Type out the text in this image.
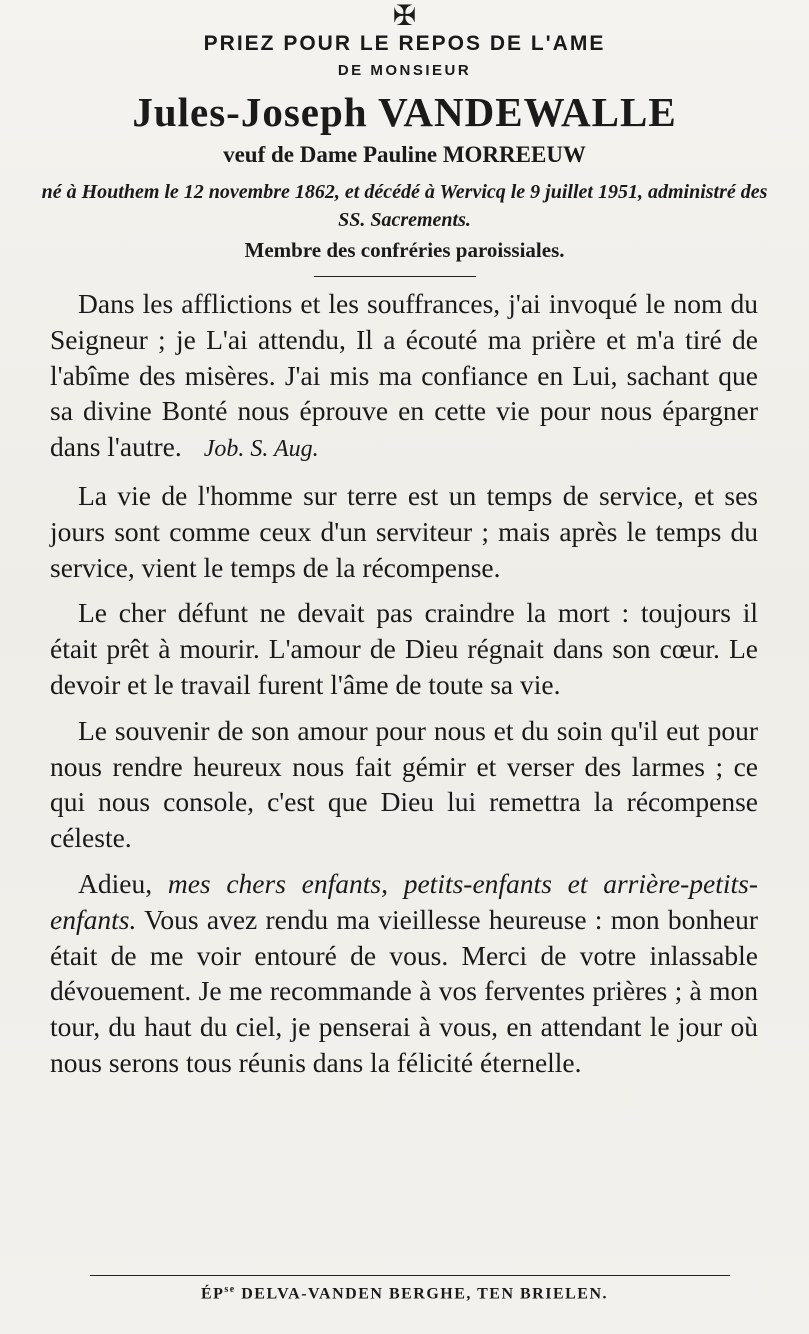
✠
PRIEZ POUR LE REPOS DE L'AME
DE MONSIEUR
Jules-Joseph VANDEWALLE
veuf de Dame Pauline MORREEUW
né à Houthem le 12 novembre 1862, et décédé à Wervicq le 9 juillet 1951, administré des SS. Sacrements.
Membre des confréries paroissiales.

Dans les afflictions et les souffrances, j'ai invoqué le nom du Seigneur ; je L'ai attendu, Il a écouté ma prière et m'a tiré de l'abîme des misères. J'ai mis ma confiance en Lui, sachant que sa divine Bonté nous éprouve en cette vie pour nous épargner dans l'autre. Job. S. Aug.

La vie de l'homme sur terre est un temps de service, et ses jours sont comme ceux d'un serviteur ; mais après le temps du service, vient le temps de la récompense.

Le cher défunt ne devait pas craindre la mort : toujours il était prêt à mourir. L'amour de Dieu régnait dans son cœur. Le devoir et le travail furent l'âme de toute sa vie.

Le souvenir de son amour pour nous et du soin qu'il eut pour nous rendre heureux nous fait gémir et verser des larmes ; ce qui nous console, c'est que Dieu lui remettra la récompense céleste.

Adieu, mes chers enfants, petits-enfants et arrière-petits-enfants. Vous avez rendu ma vieillesse heureuse : mon bonheur était de me voir entouré de vous. Merci de votre inlassable dévouement. Je me recommande à vos ferventes prières ; à mon tour, du haut du ciel, je penserai à vous, en attendant le jour où nous serons tous réunis dans la félicité éternelle.

$ÉP^{se}$ DELVA-VANDEN BERGHE, TEN BRIELEN.
